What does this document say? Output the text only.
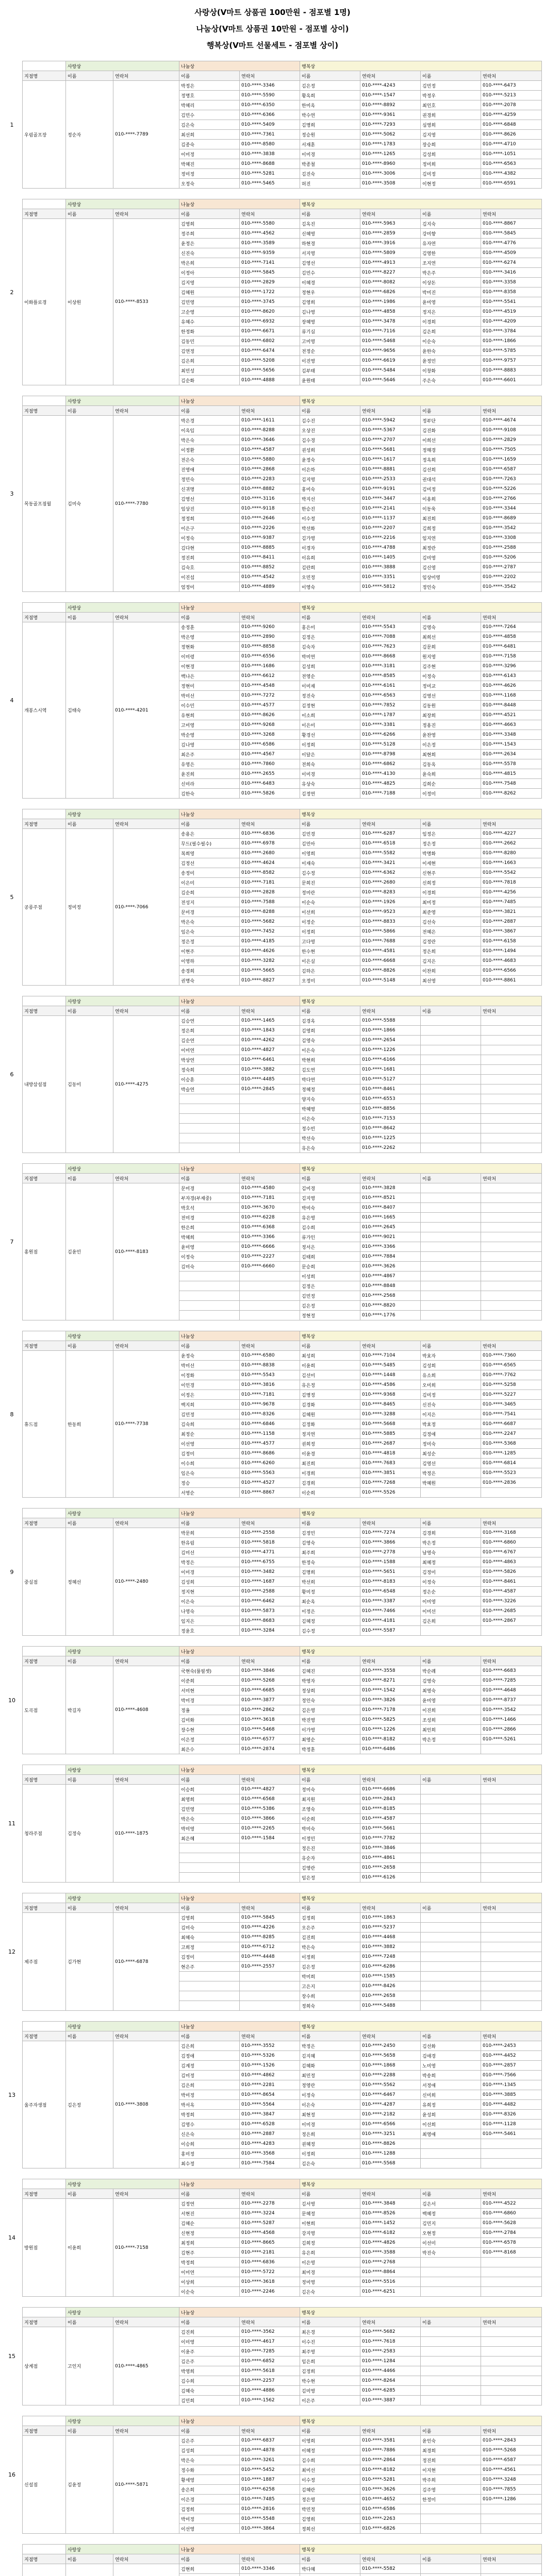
사랑상(V마트 상품권 100만원 - 점포별 1명)
나눔상(V마트 상품권 10만원 - 점포별 상이)
행복상(V마트 선물세트 - 점포별 상이)
1
	사랑상		나눔상		행복상			
지점명	이름	연락처	이름	연락처	이름	연락처	이름	연락처
우림골프장	정순자	010-****-7789	박정은	010-****-3346	김은정	010-****-4243	김민정	010-****-6473
			정명호	010-****-5590	황옥희	010-****-1547	박정우	010-****-5213
			박혜리	010-****-6350	한미옥	010-****-8892	최인호	010-****-2078
			김민수	010-****-6366	박수연	010-****-9361	권경희	010-****-4259
			김은숙	010-****-5409	김명희	010-****-7293	심영희	010-****-6848
			최선희	010-****-7361	정승원	010-****-5062	김지영	010-****-8626
			김종숙	010-****-8580	서재훈	010-****-1783	장승희	010-****-4710
			이미정	010-****-3838	이미경	010-****-1265	김성희	010-****-1051
			박혜진	010-****-8688	박종철	010-****-8960	정미희	010-****-6563
			정미정	010-****-5281	김진숙	010-****-3006	김미정	010-****-4382
			오정숙	010-****-5465	허진	010-****-3508	이현정	010-****-6591
2
	사랑상		나눔상		행복상			
지점명	이름	연락처	이름	연락처	이름	연락처	이름	연락처
이화플로경	이상원	010-****-8533	김영희	010-****-5580	김옥진	010-****-5963	김지숙	010-****-8867
			정주희	010-****-4562	신혜영	010-****-2859	강미향	010-****-5845
			윤정은	010-****-3589	하현경	010-****-3916	유자연	010-****-4776
			신진숙	010-****-9359	서지영	010-****-5809	김영한	010-****-4509
			박은희	010-****-7141	김영선	010-****-4913	조지연	010-****-6274
			이정아	010-****-5845	김민수	010-****-8227	박은주	010-****-3416
			김지영	010-****-2829	이혜경	010-****-8082	이상돈	010-****-3358
			김혜원	010-****-1722	정현우	010-****-6826	박미진	010-****-8358
			김민영	010-****-3745	김영희	010-****-1986	윤미영	010-****-5541
			고순영	010-****-8620	김나영	010-****-4858	정지은	010-****-4519
			유혜수	010-****-6932	장혜영	010-****-3478	이경희	010-****-4209
			한정화	010-****-6671	류기심	010-****-7116	김은희	010-****-3784
			김동민	010-****-6802	고미영	010-****-5468	이순숙	010-****-1866
			김연정	010-****-6474	전정순	010-****-9656	윤한숙	010-****-5785
			김은희	010-****-5208	이진영	010-****-6619	윤정민	010-****-9757
			최민성	010-****-5656	김부태	010-****-5484	이창화	010-****-8883
			김순화	010-****-4888	윤원태	010-****-5646	주은숙	010-****-6601
3
	사랑상		나눔상		행복상			
지점명	이름	연락처	이름	연락처	이름	연락처	이름	연락처
목동골프점월	김미숙	010-****-7780	박은경	010-****-1611	김수진	010-****-5942	정부단	010-****-4674
			이옥임	010-****-8288	오상진	010-****-5367	김진화	010-****-9108
			박은숙	010-****-3646	김수경	010-****-2707	이희선	010-****-2829
			이정환	010-****-4587	권성희	010-****-5681	정해경	010-****-7505
			전은숙	010-****-5880	윤정숙	010-****-1617	정옥희	010-****-1659
			진영애	010-****-2868	이은하	010-****-8881	김선희	010-****-6587
			정민숙	010-****-2283	김지영	010-****-2533	권대석	010-****-7263
			신귀명	010-****-8882	홍미숙	010-****-9191	김미정	010-****-5226
			김영선	010-****-3116	박지선	010-****-3447	이용희	010-****-2766
			임상진	010-****-9118	한승진	010-****-2141	이동욱	010-****-3344
			정정희	010-****-2646	이수정	010-****-1137	최진희	010-****-8689
			이은구	010-****-2226	박선화	010-****-2207	김희정	010-****-3542
			이정숙	010-****-9387	김가영	010-****-2216	임지연	010-****-3308
			김다현	010-****-8885	이경자	010-****-4788	최정란	010-****-2588
			정진희	010-****-8411	이유희	010-****-1405	김미영	010-****-5206
			김숙호	010-****-8852	김란희	010-****-3888	김신영	010-****-2787
			이진섭	010-****-4542	오민정	010-****-3351	임상미영	010-****-2202
			엄정미	010-****-4889	이영숙	010-****-5812	정인숙	010-****-3542
4
	사랑상		나눔상		행복상			
지점명	이름	연락처	이름	연락처	이름	연락처	이름	연락처
개봉스시역	김태숙	010-****-4201	송정훈	010-****-9260	홍은미	010-****-5543	김영숙	010-****-7264
			박은영	010-****-2890	김정은	010-****-7088	최희선	010-****-4858
			정현화	010-****-8858	김숙자	010-****-7623	김문희	010-****-6481
			이미령	010-****-6556	박미연	010-****-8668	원지영	010-****-7158
			이현경	010-****-1686	김성희	010-****-3181	김주현	010-****-3296
			백나은	010-****-6612	전영순	010-****-8585	이정숙	010-****-6143
			정현미	010-****-4548	이미재	010-****-6161	정미교	010-****-4626
			박미선	010-****-7272	정진숙	010-****-6563	김영선	010-****-1168
			이수민	010-****-4577	김정현	010-****-7852	김동원	010-****-8448
			유현희	010-****-8626	이소희	010-****-1787	최장희	010-****-4521
			고미영	010-****-9268	이은미	010-****-3381	정용진	010-****-4663
			박순영	010-****-3268	황경선	010-****-6266	윤찬영	010-****-3348
			김나영	010-****-6586	이정희	010-****-5128	이은정	010-****-1543
			최은주	010-****-4567	이달은	010-****-8798	최현희	010-****-2634
			유영은	010-****-7860	전희숙	010-****-6862	김동옥	010-****-5578
			윤진희	010-****-2655	이미경	010-****-4130	윤숙희	010-****-4815
			신미라	010-****-6483	유상숙	010-****-4825	김희순	010-****-7548
			김한숙	010-****-5826	김정연	010-****-7188	이정미	010-****-8262
5
	사랑상		나눔상		행복상			
지점명	이름	연락처	이름	연락처	이름	연락처	이름	연락처
공릉주점	정미정	010-****-7066	송용은	010-****-6836	김민경	010-****-6287	임정은	010-****-4227
			무드(필수필수)	010-****-6978	김민아	010-****-6518	정은정	010-****-2662
			복희영	010-****-2680	이영희	010-****-5582	박명화	010-****-8280
			김정선	010-****-4624	이재숙	010-****-3421	이세현	010-****-1663
			송정미	010-****-8582	김수정	010-****-6362	신현주	010-****-5542
			이은미	010-****-7181	문희진	010-****-2680	신희정	010-****-7818
			김순희	010-****-2828	정미란	010-****-8283	이경희	010-****-4256
			전성지	010-****-7588	이순숙	010-****-1926	최미정	010-****-7485
			문미경	010-****-8288	이선희	010-****-9523	최준영	010-****-3821
			박은숙	010-****-5682	이정순	010-****-8833	김선숙	010-****-2887
			임은숙	010-****-7452	이정희	010-****-5866	전혜은	010-****-3867
			정은정	010-****-4185	고다영	010-****-7688	김정란	010-****-6158
			이현주	010-****-4626	한수현	010-****-4581	정은희	010-****-1494
			이영하	010-****-3282	이은실	010-****-6668	김지은	010-****-4683
			송경희	010-****-5665	김하은	010-****-8826	이찬희	010-****-6566
			권명숙	010-****-8827	오정미	010-****-5148	최선영	010-****-8861
6
	사랑상		나눔상		행복상			
지점명	이름	연락처	이름	연락처	이름	연락처	이름	연락처
내방삼설점	김동미	010-****-4275	김승연	010-****-1465	김경옥	010-****-5588		
			정은희	010-****-1843	김영희	010-****-1866		
			김순연	010-****-4262	김영숙	010-****-2654		
			이미연	010-****-4827	이은숙	010-****-1226		
			박상연	010-****-6461	박현희	010-****-6166		
			정숙희	010-****-3882	김도연	010-****-1681		
			이승훈	010-****-4485	박다연	010-****-5127		
			박슬연	010-****-2845	정혜정	010-****-8461		
					양지숙	010-****-6553		
					박혜영	010-****-8856		
					이은숙	010-****-7153		
					정수빈	010-****-8642		
					박선숙	010-****-1225		
					유은숙	010-****-2262		
7
	사랑상		나눔상		행복상			
지점명	이름	연락처	이름	연락처	이름	연락처	이름	연락처
홍원점	김윤민	010-****-8183	문미경	010-****-4580	김미경	010-****-3828		
			부자경(부재중)	010-****-7181	김지영	010-****-8521		
			박호석	010-****-3670	박미숙	010-****-8407		
			전미경	010-****-6228	유은영	010-****-1665		
			한은희	010-****-6368	김수희	010-****-2645		
			박혜희	010-****-3366	류가인	010-****-9021		
			윤미영	010-****-6666	정서은	010-****-3366		
			이정숙	010-****-2227	김태희	010-****-7884		
			김미숙	010-****-6660	문승희	010-****-3626		
					이성희	010-****-4867		
					김정은	010-****-8848		
					김민정	010-****-2568		
					김은정	010-****-8820		
					정현정	010-****-1776		
8
	사랑상		나눔상		행복상			
지점명	이름	연락처	이름	연락처	이름	연락처	이름	연락처
휴드점	한동희	010-****-7738	윤정숙	010-****-6580	최성희	010-****-7104	박효자	010-****-7360
			박미선	010-****-8838	이윤희	010-****-5485	김성희	010-****-6565
			이정화	010-****-5543	김선미	010-****-1448	유소희	010-****-7762
			이인경	010-****-3816	유은정	010-****-4586	오미희	010-****-5258
			이정은	010-****-7181	김명정	010-****-9368	김미정	010-****-5227
			백지희	010-****-9678	김경화	010-****-8465	신진숙	010-****-3465
			김민정	010-****-8326	김혜원	010-****-3288	이지은	010-****-7541
			김숙희	010-****-6846	김정화	010-****-5668	박효정	010-****-6687
			최정순	010-****-1158	정지연	010-****-5885	김정애	010-****-2247
			이선영	010-****-4577	권희정	010-****-2687	정미숙	010-****-5368
			김정미	010-****-8686	이윤경	010-****-4818	최성순	010-****-1285
			이수희	010-****-6260	최진희	010-****-7683	김영선	010-****-6814
			임은숙	010-****-5563	이경희	010-****-3851	박정은	010-****-5523
			정승	010-****-4527	김경희	010-****-7268	박혜원	010-****-2836
			서영순	010-****-8867	이순희	010-****-5526		
9
	사랑상		나눔상		행복상			
지점명	이름	연락처	이름	연락처	이름	연락처	이름	연락처
중실점	정혜선	010-****-2480	박문희	010-****-2558	김정민	010-****-7274	김경희	010-****-3168
			한유림	010-****-5818	김영숙	010-****-3866	박은정	010-****-6860
			김미선	010-****-4771	최주희	010-****-2778	남영숙	010-****-6767
			박정은	010-****-6755	한정숙	010-****-1588	최혜정	010-****-4863
			이미경	010-****-3482	김명희	010-****-5651	김정미	010-****-5826
			김성희	010-****-1687	박선희	010-****-8183	이정숙	010-****-8461
			정지현	010-****-2588	황미정	010-****-6548	정은순	010-****-4587
			이은숙	010-****-6462	최순옥	010-****-3387	이미영	010-****-3226
			나영숙	010-****-5873	이정은	010-****-7466	이미선	010-****-2685
			임지은	010-****-8683	김혜정	010-****-4181	김은희	010-****-2867
			정윤호	010-****-3284	김수정	010-****-5587		
10
	사랑상		나눔상		행복상			
지점명	이름	연락처	이름	연락처	이름	연락처	이름	연락처
도곡점	박길자	010-****-4608	국현숙(풀필셋)	010-****-3846	김혜진	010-****-3558	박순례	010-****-6683
			이준희	010-****-5268	박영자	010-****-8271	김영숙	010-****-7285
			서미현	010-****-6685	정상희	010-****-1542	최영숙	010-****-4648
			박미경	010-****-3877	정인숙	010-****-3826	윤미영	010-****-8737
			정율	010-****-2862	김은영	010-****-7178	이진희	010-****-3542
			김미화	010-****-3618	박진영	010-****-5825	조성희	010-****-1466
			장수현	010-****-5468	이가영	010-****-1226	최인희	010-****-2866
			이은정	010-****-6577	최영순	010-****-8182	박은정	010-****-5261
			최은수	010-****-2874	박정훈	010-****-6486		
11
	사랑상		나눔상		행복상			
지점명	이름	연락처	이름	연락처	이름	연락처	이름	연락처
청라주점	김정숙	010-****-1875	이승희	010-****-4827	정미숙	010-****-6686		
			최영희	010-****-6568	최지원	010-****-2843		
			김민영	010-****-5386	조영숙	010-****-8185		
			박은숙	010-****-3866	이순희	010-****-4587		
			박미영	010-****-2265	박미숙	010-****-5661		
			최은혜	010-****-1584	이정민	010-****-7782		
					정은진	010-****-3846		
					유순자	010-****-4861		
					김영란	010-****-2658		
					임은정	010-****-6126		
12
	사랑상		나눔상		행복상			
지점명	이름	연락처	이름	연락처	이름	연락처	이름	연락처
제주점	김가현	010-****-6878	김영희	010-****-5845	김정희	010-****-1863		
			김미숙	010-****-4226	오은주	010-****-5237		
			최혜숙	010-****-8285	김진희	010-****-4468		
			고희정	010-****-6712	박은숙	010-****-3882		
			김정미	010-****-4448	이정희	010-****-7248		
			현은주	010-****-2557	김은정	010-****-6286		
					박미희	010-****-1585		
					고은지	010-****-8426		
					장수희	010-****-2658		
					정희숙	010-****-5488		
13
	사랑상		나눔상		행복상			
지점명	이름	연락처	이름	연락처	이름	연락처	이름	연락처
울주자생점	김은정	010-****-3808	김은희	010-****-3552	박정은	010-****-2450	김선화	010-****-2453
			김정애	010-****-5326	김지혜	010-****-5658	김애경	010-****-4452
			김계정	010-****-1526	김혜화	010-****-1868	노미영	010-****-2857
			김미정	010-****-4862	최민정	010-****-2288	박송희	010-****-7566
			김은희	010-****-2281	정영란	010-****-5562	서정애	010-****-1345
			박미정	010-****-8654	이정숙	010-****-6467	신미희	010-****-3885
			박서옥	010-****-5564	이은숙	010-****-4287	유희정	010-****-4482
			박정희	010-****-3847	최현정	010-****-2182	윤성희	010-****-8326
			김영수	010-****-6528	이미경	010-****-6566	이선희	010-****-1128
			신은숙	010-****-2887	정은희	010-****-3251	최영애	010-****-5461
			이승희	010-****-4283	권혜정	010-****-8826		
			홍미정	010-****-3568	이정희	010-****-1288		
			최수정	010-****-7584	김은숙	010-****-5568		
14
	사랑상		나눔상		행복상			
지점명	이름	연락처	이름	연락처	이름	연락처	이름	연락처
방원점	이윤희	010-****-7158	김정연	010-****-2278	김서영	010-****-3848	김은서	010-****-4522
			서현진	010-****-3224	문혜정	010-****-8526	백혜정	010-****-6860
			김혜순	010-****-5287	이현희	010-****-1452	김민지	010-****-5628
			신현정	010-****-4568	강지영	010-****-6182	오현정	010-****-2784
			최정희	010-****-8665	김희정	010-****-4826	이선미	010-****-6578
			김현주	010-****-2181	유은희	010-****-3588	박진숙	010-****-8168
			박정희	010-****-6836	이은영	010-****-2768		
			이미연	010-****-5722	최미경	010-****-8864		
			이상희	010-****-3618	정미영	010-****-5516		
			이순숙	010-****-2246	김은숙	010-****-6251		
15
	사랑상		나눔상		행복상			
지점명	이름	연락처	이름	연락처	이름	연락처	이름	연락처
상계점	고인지	010-****-4865	김진희	010-****-3562	최은경	010-****-5682		
			이미영	010-****-4617	이수진	010-****-7618		
			이윤주	010-****-7285	최주영	010-****-2583		
			김은주	010-****-6852	임은희	010-****-1284		
			박영희	010-****-5618	김정희	010-****-4466		
			김수희	010-****-2257	박수현	010-****-8264		
			김혜숙	010-****-4886	김미영	010-****-6285		
			김민희	010-****-1562	이은주	010-****-3887		
16
	사랑상		나눔상		행복상			
지점명	이름	연락처	이름	연락처	이름	연락처	이름	연락처
신설점	김윤정	010-****-5871	김은주	010-****-6837	이영희	010-****-3581	윤인숙	010-****-2843
			김성희	010-****-4878	이혜정	010-****-7886	최경희	010-****-5268
			박은숙	010-****-3261	김수희	010-****-2864	정진희	010-****-6587
			정수화	010-****-5452	최미선	010-****-8182	이지현	010-****-4561
			황세영	010-****-1887	이수정	010-****-5281	박주희	010-****-3248
			송은희	010-****-6258	김혜란	010-****-3626	김주영	010-****-7855
			이은경	010-****-7485	정은영	010-****-4652	한정미	010-****-1286
			김정희	010-****-2816	박민정	010-****-6586		
			박미정	010-****-5548	김영희	010-****-2263		
			이선영	010-****-3864	정희선	010-****-6826		
	사랑상		나눔상		행복상			
지점명	이름	연락처	이름	연락처	이름	연락처	이름	연락처
			김현희	010-****-3346	박다혜	010-****-5582		
